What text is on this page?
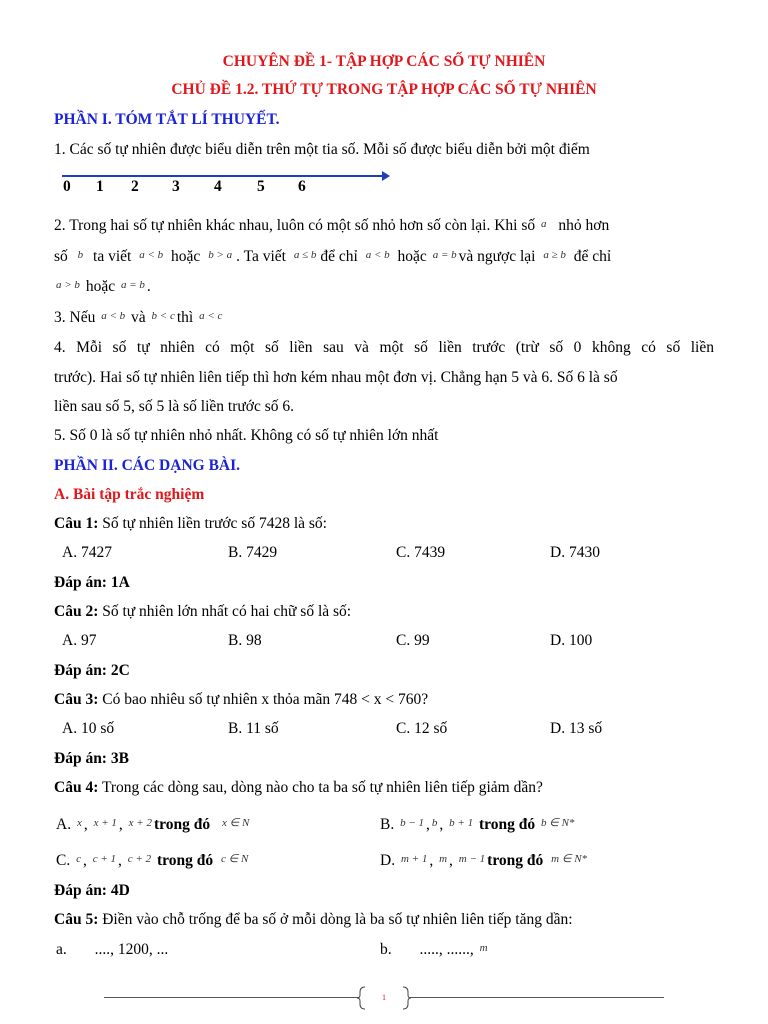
CHUYÊN ĐỀ 1- TẬP HỢP CÁC SỐ TỰ NHIÊN
CHỦ ĐỀ 1.2. THỨ TỰ TRONG TẬP HỢP CÁC SỐ TỰ NHIÊN
PHẦN I. TÓM TẮT LÍ THUYẾT.
1. Các số tự nhiên được biểu diễn trên một tia số. Mỗi số được biểu diễn bởi một điểm
0 1 2 3 4 5 6
2. Trong hai số tự nhiên khác nhau, luôn có một số nhỏ hơn số còn lại. Khi số a nhỏ hơn
số b ta viết a < b hoặc b > a . Ta viết a ≤ b để chỉ a < b hoặc a = b và ngược lại a ≥ b để chỉ
a > b hoặc a = b .
3. Nếu a < b và b < c thì a < c
4. Mỗi số tự nhiên có một số liền sau và một số liền trước (trừ số 0 không có số liền
trước). Hai số tự nhiên liên tiếp thì hơn kém nhau một đơn vị. Chẳng hạn 5 và 6. Số 6 là số
liền sau số 5, số 5 là số liền trước số 6.
5. Số 0 là số tự nhiên nhỏ nhất. Không có số tự nhiên lớn nhất
PHẦN II. CÁC DẠNG BÀI.
A. Bài tập trắc nghiệm
Câu 1: Số tự nhiên liền trước số 7428 là số:
A. 7427	B. 7429	C. 7439	D. 7430
Đáp án: 1A
Câu 2: Số tự nhiên lớn nhất có hai chữ số là số:
A. 97	B. 98	C. 99	D. 100
Đáp án: 2C
Câu 3: Có bao nhiêu số tự nhiên x thỏa mãn 748 < x < 760?
A. 10 số	B. 11 số	C. 12 số	D. 13 số
Đáp án: 3B
Câu 4: Trong các dòng sau, dòng nào cho ta ba số tự nhiên liên tiếp giảm dần?
A. x , x + 1 , x + 2 trong đó x ∈ N	B. b − 1 , b , b + 1 trong đó b ∈ N*
C. c , c + 1 , c + 2 trong đó c ∈ N	D. m + 1 , m , m − 1 trong đó m ∈ N*
Đáp án: 4D
Câu 5: Điền vào chỗ trống để ba số ở mỗi dòng là ba số tự nhiên liên tiếp tăng dần:
a. ...., 1200, ...	b. ....., ......, m
1
